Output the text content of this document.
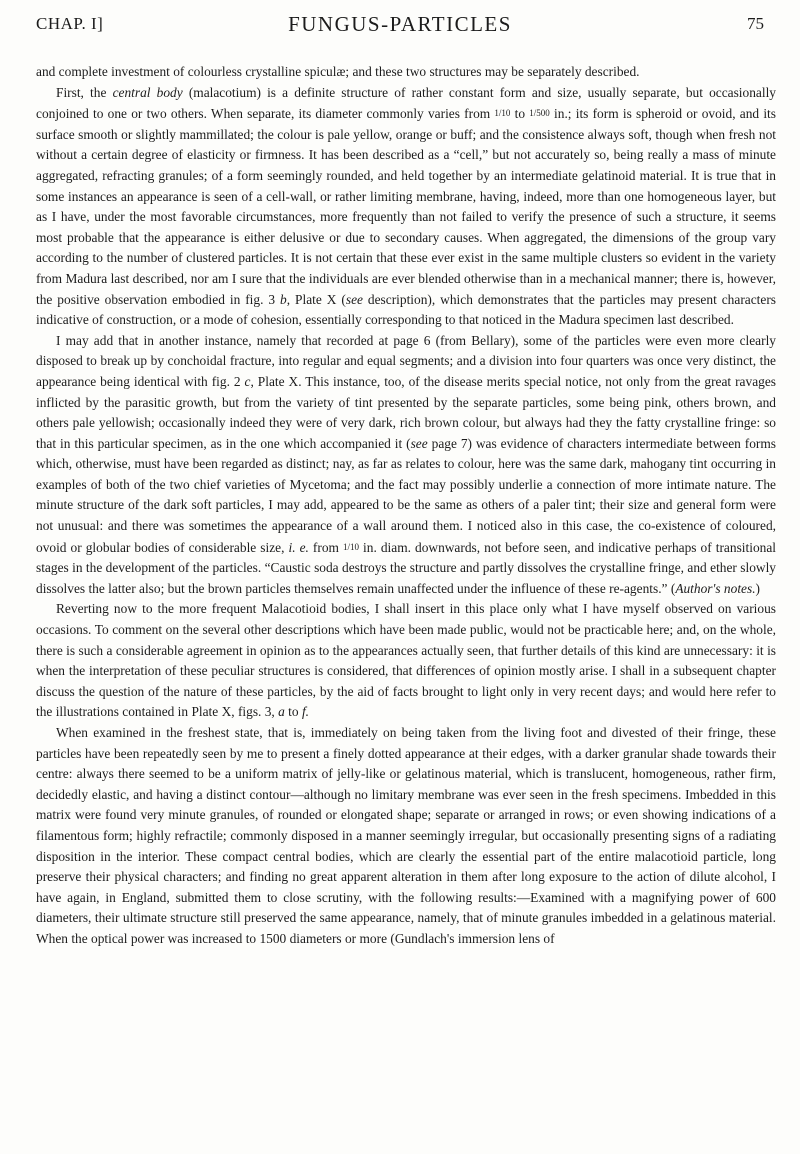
CHAP. I]	FUNGUS-PARTICLES	75

and complete investment of colourless crystalline spiculæ; and these two structures may be separately described.

First, the central body (malacotium) is a definite structure of rather constant form and size, usually separate, but occasionally conjoined to one or two others. When separate, its diameter commonly varies from 1/10 to 1/500 in.; its form is spheroid or ovoid, and its surface smooth or slightly mammillated; the colour is pale yellow, orange or buff; and the consistence always soft, though when fresh not without a certain degree of elasticity or firmness. It has been described as a “cell,” but not accurately so, being really a mass of minute aggregated, refracting granules; of a form seemingly rounded, and held together by an intermediate gelatinoid material. It is true that in some instances an appearance is seen of a cell-wall, or rather limiting membrane, having, indeed, more than one homogeneous layer, but as I have, under the most favorable circumstances, more frequently than not failed to verify the presence of such a structure, it seems most probable that the appearance is either delusive or due to secondary causes. When aggregated, the dimensions of the group vary according to the number of clustered particles. It is not certain that these ever exist in the same multiple clusters so evident in the variety from Madura last described, nor am I sure that the individuals are ever blended otherwise than in a mechanical manner; there is, however, the positive observation embodied in fig. 3 b, Plate X (see description), which demonstrates that the particles may present characters indicative of construction, or a mode of cohesion, essentially corresponding to that noticed in the Madura specimen last described.

I may add that in another instance, namely that recorded at page 6 (from Bellary), some of the particles were even more clearly disposed to break up by conchoidal fracture, into regular and equal segments; and a division into four quarters was once very distinct, the appearance being identical with fig. 2 c, Plate X. This instance, too, of the disease merits special notice, not only from the great ravages inflicted by the parasitic growth, but from the variety of tint presented by the separate particles, some being pink, others brown, and others pale yellowish; occasionally indeed they were of very dark, rich brown colour, but always had they the fatty crystalline fringe: so that in this particular specimen, as in the one which accompanied it (see page 7) was evidence of characters intermediate between forms which, otherwise, must have been regarded as distinct; nay, as far as relates to colour, here was the same dark, mahogany tint occurring in examples of both of the two chief varieties of Mycetoma; and the fact may possibly underlie a connection of more intimate nature. The minute structure of the dark soft particles, I may add, appeared to be the same as others of a paler tint; their size and general form were not unusual: and there was sometimes the appearance of a wall around them. I noticed also in this case, the co-existence of coloured, ovoid or globular bodies of considerable size, i. e. from 1/10 in. diam. downwards, not before seen, and indicative perhaps of transitional stages in the development of the particles. “Caustic soda destroys the structure and partly dissolves the crystalline fringe, and ether slowly dissolves the latter also; but the brown particles themselves remain unaffected under the influence of these re-agents.” (Author's notes.)

Reverting now to the more frequent Malacotioid bodies, I shall insert in this place only what I have myself observed on various occasions. To comment on the several other descriptions which have been made public, would not be practicable here; and, on the whole, there is such a considerable agreement in opinion as to the appearances actually seen, that further details of this kind are unnecessary: it is when the interpretation of these peculiar structures is considered, that differences of opinion mostly arise. I shall in a subsequent chapter discuss the question of the nature of these particles, by the aid of facts brought to light only in very recent days; and would here refer to the illustrations contained in Plate X, figs. 3, a to f.

When examined in the freshest state, that is, immediately on being taken from the living foot and divested of their fringe, these particles have been repeatedly seen by me to present a finely dotted appearance at their edges, with a darker granular shade towards their centre: always there seemed to be a uniform matrix of jelly-like or gelatinous material, which is translucent, homogeneous, rather firm, decidedly elastic, and having a distinct contour—although no limitary membrane was ever seen in the fresh specimens. Imbedded in this matrix were found very minute granules, of rounded or elongated shape; separate or arranged in rows; or even showing indications of a filamentous form; highly refractile; commonly disposed in a manner seemingly irregular, but occasionally presenting signs of a radiating disposition in the interior. These compact central bodies, which are clearly the essential part of the entire malacotioid particle, long preserve their physical characters; and finding no great apparent alteration in them after long exposure to the action of dilute alcohol, I have again, in England, submitted them to close scrutiny, with the following results:—Examined with a magnifying power of 600 diameters, their ultimate structure still preserved the same appearance, namely, that of minute granules imbedded in a gelatinous material. When the optical power was increased to 1500 diameters or more (Gundlach's immersion lens of
